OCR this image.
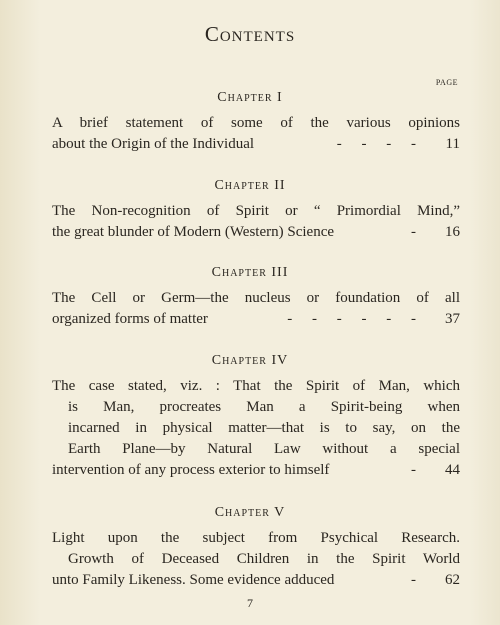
Contents
PAGE
Chapter I
A brief statement of some of the various opinions
about the Origin of the Individual	- - - -	11
Chapter II
The Non-recognition of Spirit or “ Primordial Mind,”
the great blunder of Modern (Western) Science	-	16
Chapter III
The Cell or Germ—the nucleus or foundation of all
organized forms of matter	- - - - - -	37
Chapter IV
The case stated, viz. : That the Spirit of Man, which
is Man, procreates Man a Spirit-being when
incarned in physical matter—that is to say, on the
Earth Plane—by Natural Law without a special
intervention of any process exterior to himself	-	44
Chapter V
Light upon the subject from Psychical Research.
Growth of Deceased Children in the Spirit World
unto Family Likeness. Some evidence adduced	-	62
7
